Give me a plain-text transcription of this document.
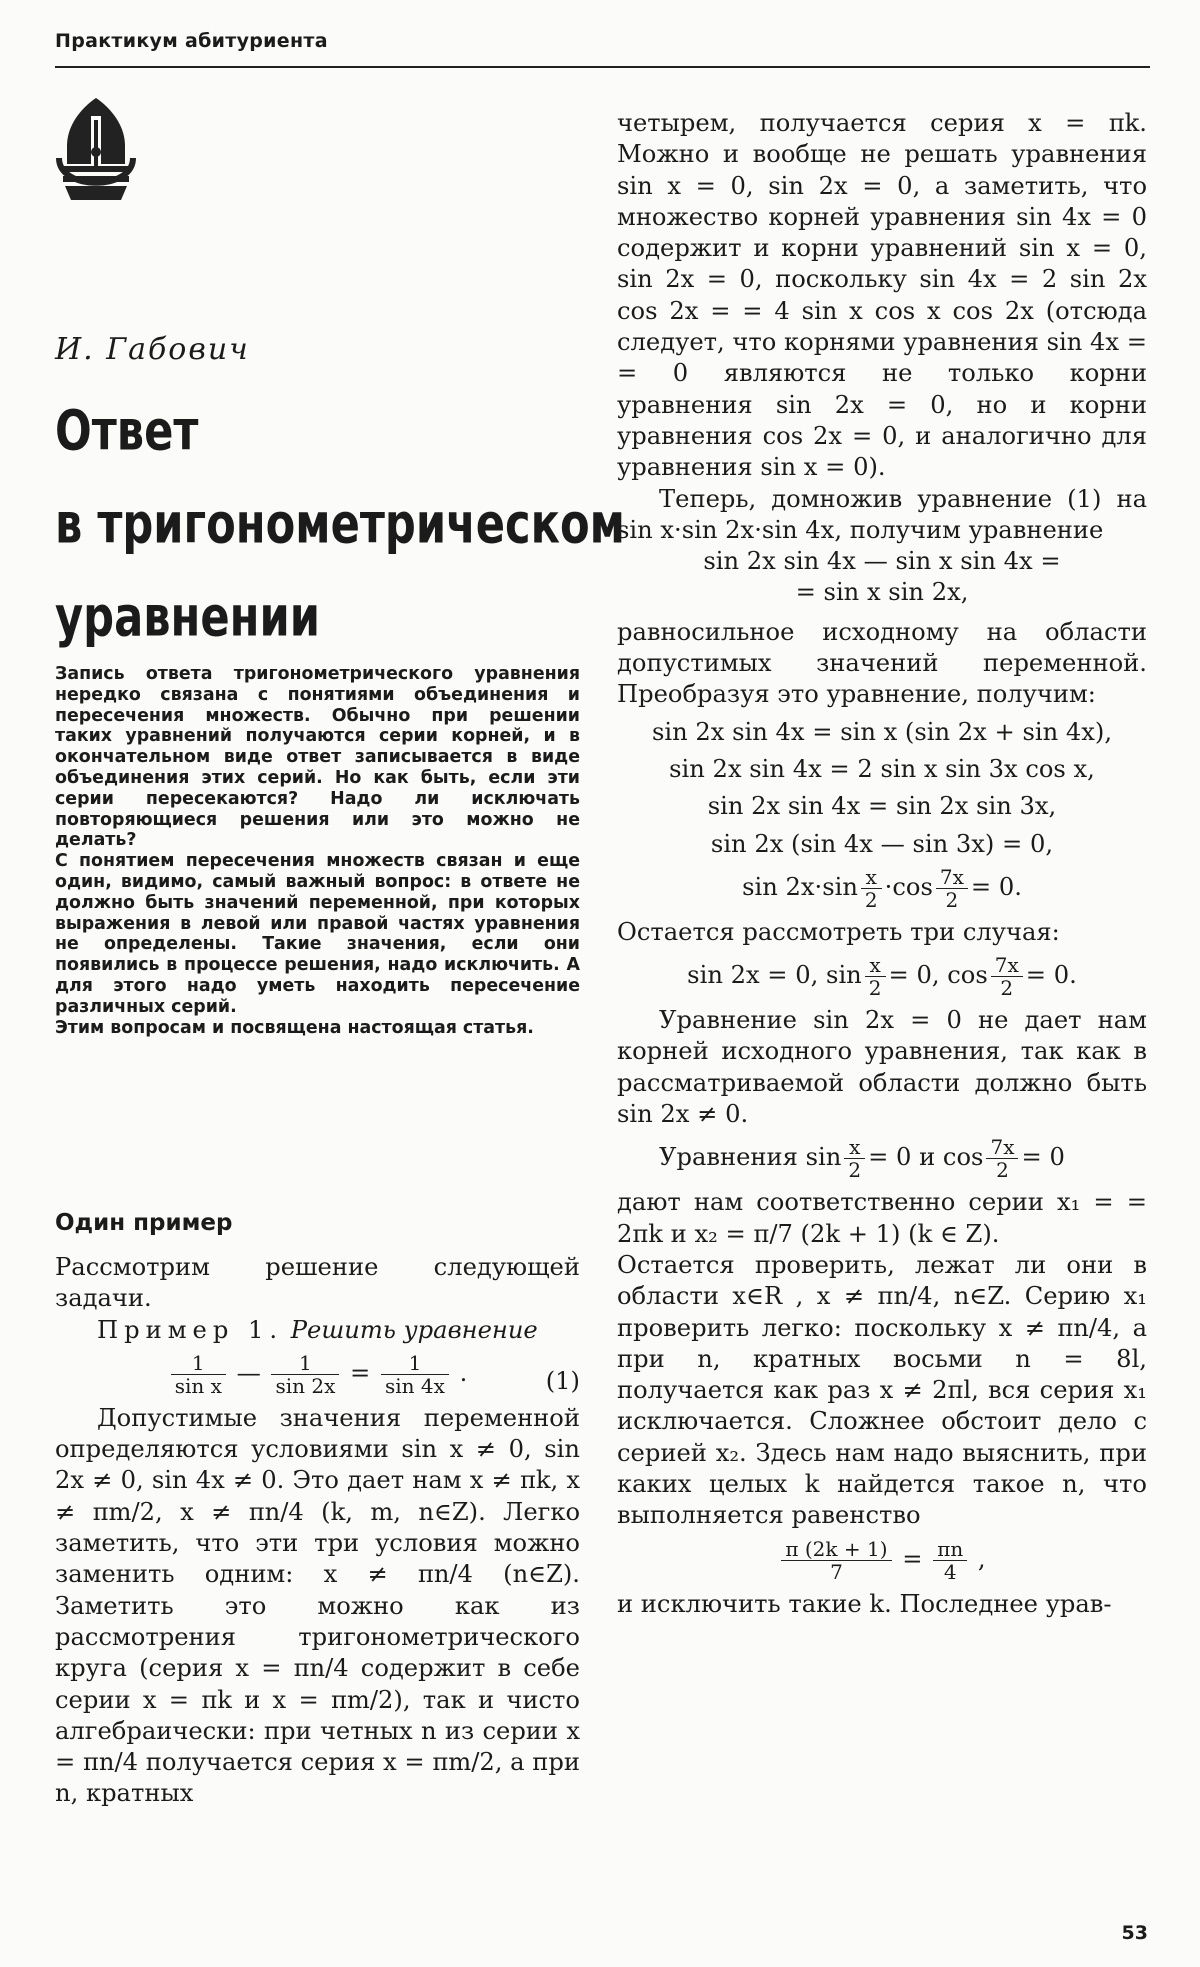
Практикум абитуриента
И. Габович
Ответ
в тригонометрическом
уравнении

Запись ответа тригонометрического уравнения нередко связана с понятиями объединения и пересечения множеств. Обычно при решении таких уравнений получаются серии корней, и в окончательном виде ответ записывается в виде объединения этих серий. Но как быть, если эти серии пересекаются? Надо ли исключать повторяющиеся решения или это можно не делать?

С понятием пересечения множеств связан и еще один, видимо, самый важный вопрос: в ответе не должно быть значений переменной, при которых выражения в левой или правой частях уравнения не определены. Такие значения, если они появились в процессе решения, надо исключить. А для этого надо уметь находить пересечение различных серий.

Этим вопросам и посвящена настоящая статья.

Один пример

Рассмотрим решение следующей задачи.

Пример 1. Решить уравнение

$\frac{1}{\text{sin x}}$ — $\frac{1}{\sin 2x} = \frac{1}{\sin 4x}$ .	(1)

Допустимые значения переменной определяются условиями sin x ≠ 0, sin 2x ≠ 0, sin 4x ≠ 0. Это дает нам x ≠ πk, x ≠ πm/2, x ≠ πn/4 (k, m, n∈Z). Легко заметить, что эти три условия можно заменить одним: x ≠ πn/4 (n∈Z). Заметить это можно как из рассмотрения тригонометрического круга (серия x = πn/4 содержит в себе серии x = πk и x = πm/2), так и чисто алгебраически: при четных n из серии x = πn/4 получается серия x = πm/2, а при n, кратных

четырем, получается серия x = πk. Можно и вообще не решать уравнения sin x = 0, sin 2x = 0, а заметить, что множество корней уравнения sin 4x = 0 содержит и корни уравнений sin x = 0, sin 2x = 0, поскольку sin 4x = 2 sin 2x cos 2x = = 4 sin x cos x cos 2x (отсюда следует, что корнями уравнения sin 4x = = 0 являются не только корни уравнения sin 2x = 0, но и корни уравнения cos 2x = 0, и аналогично для уравнения sin x = 0).

Теперь, домножив уравнение (1) на sin x·sin 2x·sin 4x, получим уравнение

sin 2x sin 4x — sin x sin 4x =
= sin x sin 2x,

равносильное исходному на области допустимых значений переменной. Преобразуя это уравнение, получим:

sin 2x sin 4x = sin x (sin 2x + sin 4x),
sin 2x sin 4x = 2 sin x sin 3x cos x,
sin 2x sin 4x = sin 2x sin 3x,
sin 2x (sin 4x — sin 3x) = 0,
$\sin 2x\cdot\sin \frac{x}{2} \cdot\cos \frac{7x}{2} = 0$.

Остается рассмотреть три случая:

sin 2x = 0, $\sin \frac{x}{2} = 0$, $\cos \frac{7x}{2} = 0$.

Уравнение sin 2x = 0 не дает нам корней исходного уравнения, так как в рассматриваемой области должно быть sin 2x ≠ 0.

Уравнения $\sin \frac{x}{2} = 0$ и $\cos \frac{7x}{2} = 0$

дают нам соответственно серии x₁ = = 2πk и x₂ = π/7 (2k + 1) (k ∈ Z).

Остается проверить, лежат ли они в области x∈R , x ≠ πn/4, n∈Z. Серию x₁ проверить легко: поскольку x ≠ πn/4, а при n, кратных восьми n = 8l, получается как раз x ≠ 2πl, вся серия x₁ исключается. Сложнее обстоит дело с серией x₂. Здесь нам надо выяснить, при каких целых k найдется такое n, что выполняется равенство

$\frac{\pi (2k + 1)}{7} = \frac{\pi n}{4}$ ,

и исключить такие k. Последнее урав-

53
